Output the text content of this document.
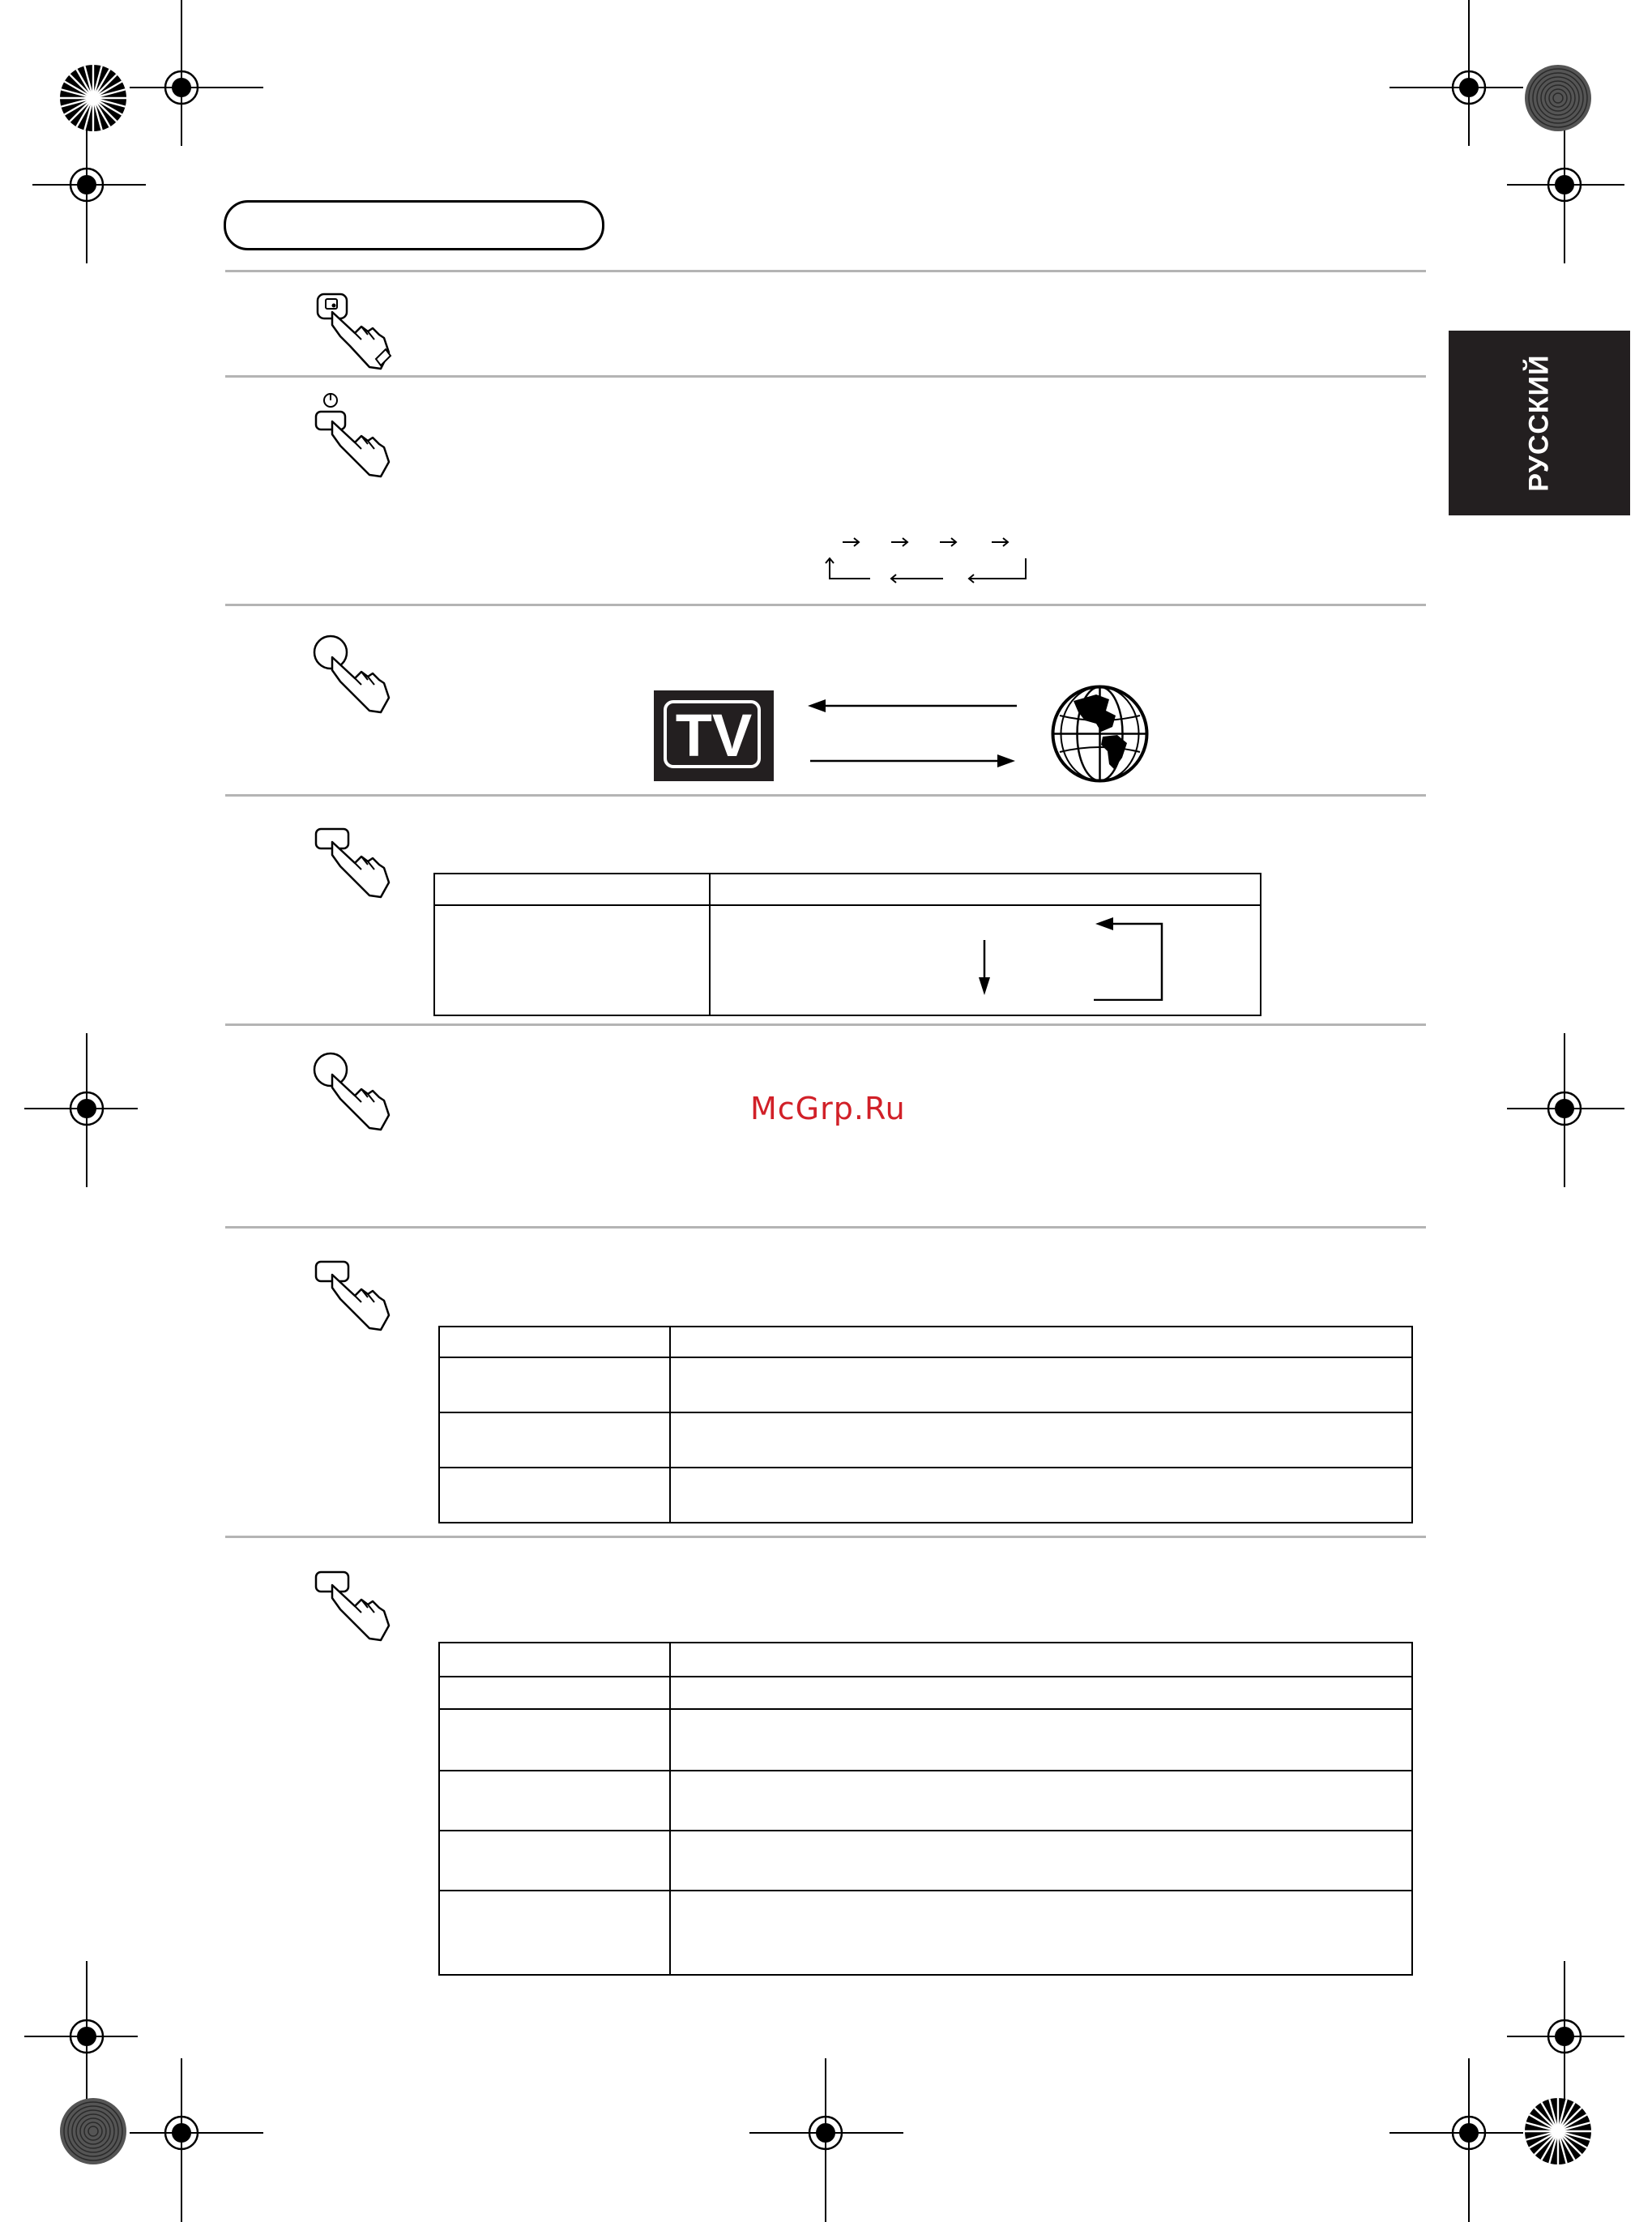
РУССКИЙ
TV

McGrp.Ru
